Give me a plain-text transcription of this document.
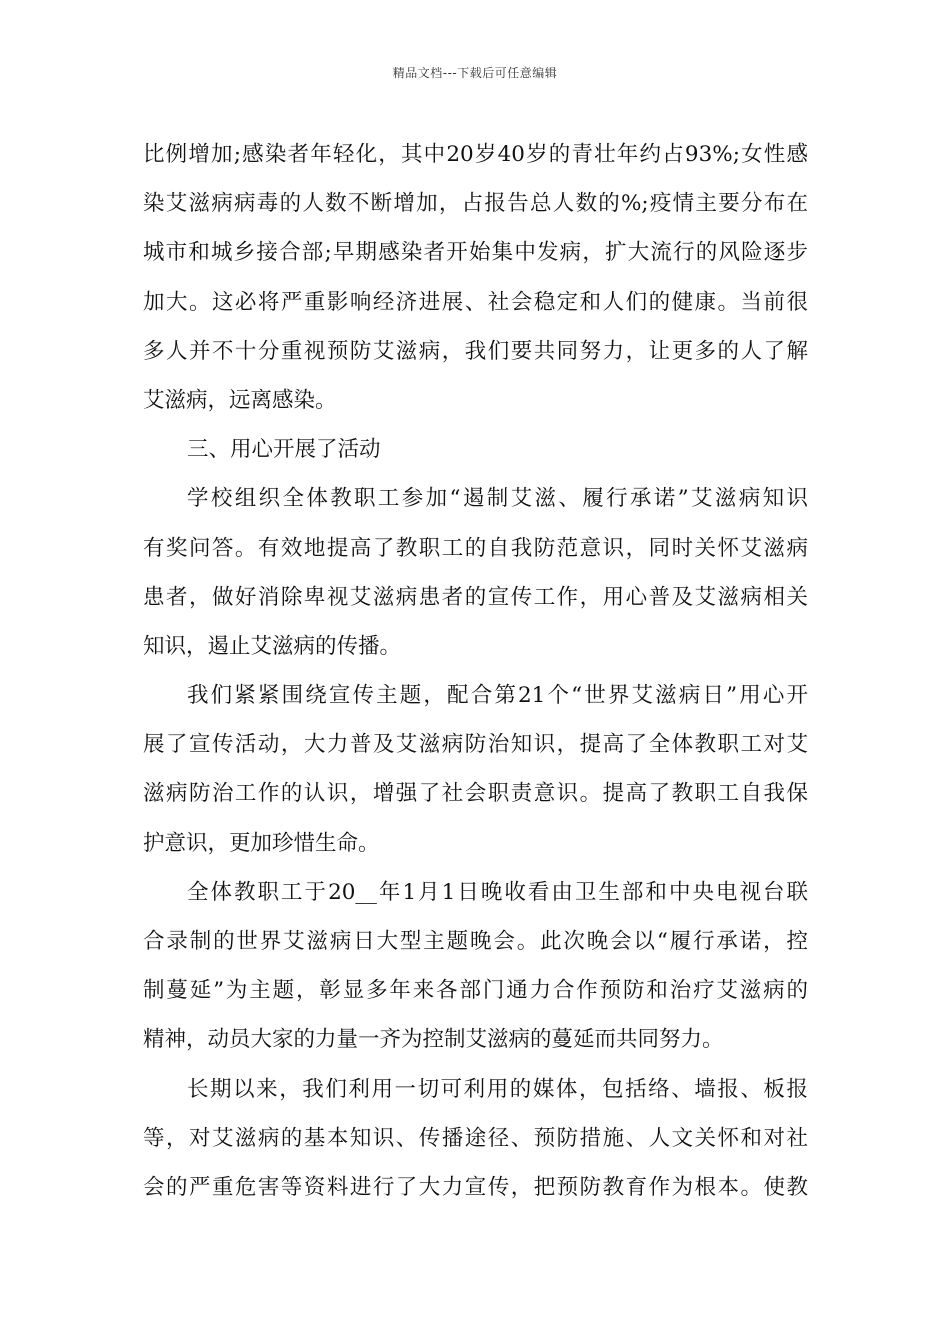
精品文档---下载后可任意编辑
比例增加;感染者年轻化，其中20岁40岁的青壮年约占93%;女性感
染艾滋病病毒的人数不断增加，占报告总人数的%;疫情主要分布在
城市和城乡接合部;早期感染者开始集中发病，扩大流行的风险逐步
加大。这必将严重影响经济进展、社会稳定和人们的健康。当前很
多人并不十分重视预防艾滋病，我们要共同努力，让更多的人了解
艾滋病，远离感染。
三、用心开展了活动
学校组织全体教职工参加“遏制艾滋、履行承诺”艾滋病知识
有奖问答。有效地提高了教职工的自我防范意识，同时关怀艾滋病
患者，做好消除卑视艾滋病患者的宣传工作，用心普及艾滋病相关
知识，遏止艾滋病的传播。
我们紧紧围绕宣传主题，配合第21个“世界艾滋病日”用心开
展了宣传活动，大力普及艾滋病防治知识，提高了全体教职工对艾
滋病防治工作的认识，增强了社会职责意识。提高了教职工自我保
护意识，更加珍惜生命。
全体教职工于20__年1月1日晚收看由卫生部和中央电视台联
合录制的世界艾滋病日大型主题晚会。此次晚会以“履行承诺，控
制蔓延”为主题，彰显多年来各部门通力合作预防和治疗艾滋病的
精神，动员大家的力量一齐为控制艾滋病的蔓延而共同努力。
长期以来，我们利用一切可利用的媒体，包括络、墙报、板报
等，对艾滋病的基本知识、传播途径、预防措施、人文关怀和对社
会的严重危害等资料进行了大力宣传，把预防教育作为根本。使教
